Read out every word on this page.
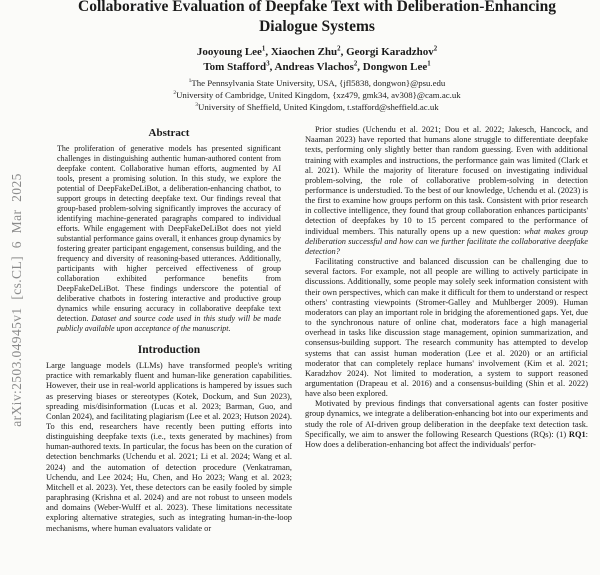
arXiv:2503.04945v1 [cs.CL] 6 Mar 2025
Collaborative Evaluation of Deepfake Text with Deliberation-Enhancing Dialogue Systems
Jooyoung Lee$^1$, Xiaochen Zhu$^2$, Georgi Karadzhov$^2$
Tom Stafford$^3$, Andreas Vlachos$^2$, Dongwon Lee$^1$
$^1$The Pennsylvania State University, USA, {jfl5838, dongwon}@psu.edu
$^2$University of Cambridge, United Kingdom, {xz479, gmk34, av308}@cam.ac.uk
$^3$University of Sheffield, United Kingdom, t.stafford@sheffield.ac.uk
Abstract
The proliferation of generative models has presented significant challenges in distinguishing authentic human-authored content from deepfake content. Collaborative human efforts, augmented by AI tools, present a promising solution. In this study, we explore the potential of DeepFakeDeLiBot, a deliberation-enhancing chatbot, to support groups in detecting deepfake text. Our findings reveal that group-based problem-solving significantly improves the accuracy of identifying machine-generated paragraphs compared to individual efforts. While engagement with DeepFakeDeLiBot does not yield substantial performance gains overall, it enhances group dynamics by fostering greater participant engagement, consensus building, and the frequency and diversity of reasoning-based utterances. Additionally, participants with higher perceived effectiveness of group collaboration exhibited performance benefits from DeepFakeDeLiBot. These findings underscore the potential of deliberative chatbots in fostering interactive and productive group dynamics while ensuring accuracy in collaborative deepfake text detection. Dataset and source code used in this study will be made publicly available upon acceptance of the manuscript.
Introduction

Large language models (LLMs) have transformed people's writing practice with remarkably fluent and human-like generation capabilities. However, their use in real-world applications is hampered by issues such as preserving biases or stereotypes (Kotek, Dockum, and Sun 2023), spreading mis/disinformation (Lucas et al. 2023; Barman, Guo, and Conlan 2024), and facilitating plagiarism (Lee et al. 2023; Hutson 2024). To this end, researchers have recently been putting efforts into distinguishing deepfake texts (i.e., texts generated by machines) from human-authored texts. In particular, the focus has been on the curation of detection benchmarks (Uchendu et al. 2021; Li et al. 2024; Wang et al. 2024) and the automation of detection procedure (Venkatraman, Uchendu, and Lee 2024; Hu, Chen, and Ho 2023; Wang et al. 2023; Mitchell et al. 2023). Yet, these detectors can be easily fooled by simple paraphrasing (Krishna et al. 2024) and are not robust to unseen models and domains (Weber-Wulff et al. 2023). These limitations necessitate exploring alternative strategies, such as integrating human-in-the-loop mechanisms, where human evaluators validate or

Prior studies (Uchendu et al. 2021; Dou et al. 2022; Jakesch, Hancock, and Naaman 2023) have reported that humans alone struggle to differentiate deepfake texts, performing only slightly better than random guessing. Even with additional training with examples and instructions, the performance gain was limited (Clark et al. 2021). While the majority of literature focused on investigating individual problem-solving, the role of collaborative problem-solving in detection performance is understudied. To the best of our knowledge, Uchendu et al. (2023) is the first to examine how groups perform on this task. Consistent with prior research in collective intelligence, they found that group collaboration enhances participants' detection of deepfakes by 10 to 15 percent compared to the performance of individual members. This naturally opens up a new question: what makes group deliberation successful and how can we further facilitate the collaborative deepfake detection?

Facilitating constructive and balanced discussion can be challenging due to several factors. For example, not all people are willing to actively participate in discussions. Additionally, some people may solely seek information consistent with their own perspectives, which can make it difficult for them to understand or respect others' contrasting viewpoints (Stromer-Galley and Muhlberger 2009). Human moderators can play an important role in bridging the aforementioned gaps. Yet, due to the synchronous nature of online chat, moderators face a high managerial overhead in tasks like discussion stage management, opinion summarization, and consensus-building support. The research community has attempted to develop systems that can assist human moderation (Lee et al. 2020) or an artificial moderator that can completely replace humans' involvement (Kim et al. 2021; Karadzhov 2024). Not limited to moderation, a system to support reasoned argumentation (Drapeau et al. 2016) and a consensus-building (Shin et al. 2022) have also been explored.

Motivated by previous findings that conversational agents can foster positive group dynamics, we integrate a deliberation-enhancing bot into our experiments and study the role of AI-driven group deliberation in the deepfake text detection task. Specifically, we aim to answer the following Research Questions (RQs): (1) RQ1: How does a deliberation-enhancing bot affect the individuals' perfor-
